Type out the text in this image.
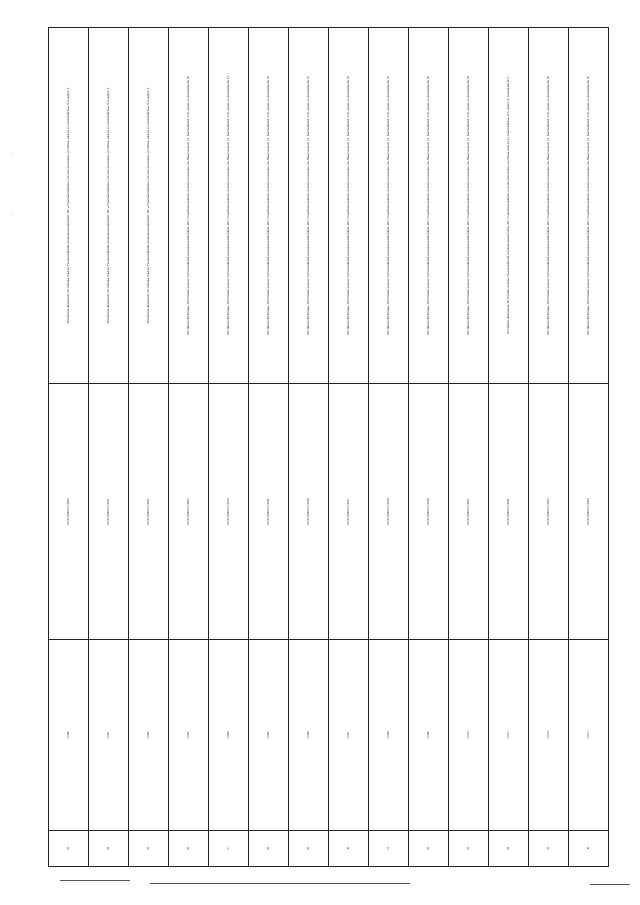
23	17460	01:05:2900013:14549	Российская Федерация, Республика Адыгея, Тахтамукайский муниципальный район, МО «Старобжегокайское сельское поселение» аул Новая Адыгея, ул. Бжегокайская, 31/6, корпус 4
24	17461	01:05:2900013:14551	Российская Федерация, Республика Адыгея, Тахтамукайский муниципальный район, МО «Старобжегокайское сельское поселение» аул Новая Адыгея, ул. Бжегокайская, 31/6, корпус 4
25	17462	01:05:2900013:14552	Российская Федерация, Республика Адыгея, Тахтамукайский муниципальный район, МО «Старобжегокайское сельское поселение» аул Новая Адыгея, ул. Бжегокайская, 31/6, корпус 4
26	17463	01:05:2900013:14553	Российская Федерация, Республика Адыгея, Тахтамукайский муниципальный район, МО «Старобжегокайское сельское поселение» аул Новая Адыгея, ул. Бжегокайская, 31/6, корпус 4, помещение № 20
27	17464	01:05:2900013:14554	Российская Федерация, Республика Адыгея, Тахтамукайский муниципальный район, МО «Старобжегокайское сельское поселение» аул Новая Адыгея, ул. Бжегокайская, 31/6, корпус 4, помещение № 21
28	17465	01:05:2900013:14555	Российская Федерация, Республика Адыгея, Тахтамукайский муниципальный район, МО «Старобжегокайское сельское поселение» аул Новая Адыгея, ул. Бжегокайская, 31/6, корпус 4, помещение № 22
29	17466	01:05:2900013:14556	Российская Федерация, Республика Адыгея, Тахтамукайский муниципальный район, МО «Старобжегокайское сельское поселение» аул Новая Адыгея, ул. Бжегокайская, 31/6, корпус 4, помещение № 23
30	17467	01:05:2900013:14557	Российская Федерация, Республика Адыгея, Тахтамукайский муниципальный район, МО «Старобжегокайское сельское поселение» аул Новая Адыгея, ул. Бжегокайская, 31/6, корпус 4, помещение № 24
31	17468	01:05:2900013:14558	Российская Федерация, Республика Адыгея, Тахтамукайский муниципальный район, МО «Старобжегокайское сельское поселение» аул Новая Адыгея, ул. Бжегокайская, 31/6, корпус 4, помещение № 25
32	17469	01:05:2900013:14559	Российская Федерация, Республика Адыгея, Тахтамукайский муниципальный район, МО «Старобжегокайское сельское поселение» аул Новая Адыгея, ул. Бжегокайская, 31/6, корпус 4, помещение № 26
33	17470	01:05:2900013:14561	Российская Федерация, Республика Адыгея, Тахтамукайский муниципальный район, МО «Старобжегокайское сельское поселение» аул Новая Адыгея, ул. Бжегокайская, 31/6, корпус 4, помещение № 28
34	17471	01:05:2900013:14562	Российская Федерация, Республика Адыгея, Тахтамукайский муниципальный район, МО «Старобжегокайское сельское поселение» аул Новая Адыгея, ул. Бжегокайская, 31/6, корпус 4, помещение № 2
35	17472	01:05:2900013:14563	Российская Федерация, Республика Адыгея, Тахтамукайский муниципальный район, МО «Старобжегокайское сельское поселение» аул Новая Адыгея, ул. Бжегокайская, 31/6, корпус 4, помещение № 29
36	17473	01:05:2900013:14564	Российская Федерация, Республика Адыгея, Тахтамукайский муниципальный район, МО «Старобжегокайское сельское поселение» аул Новая Адыгея, ул. Бжегокайская, 31/6, корпус 4, помещение № 30
·
·
